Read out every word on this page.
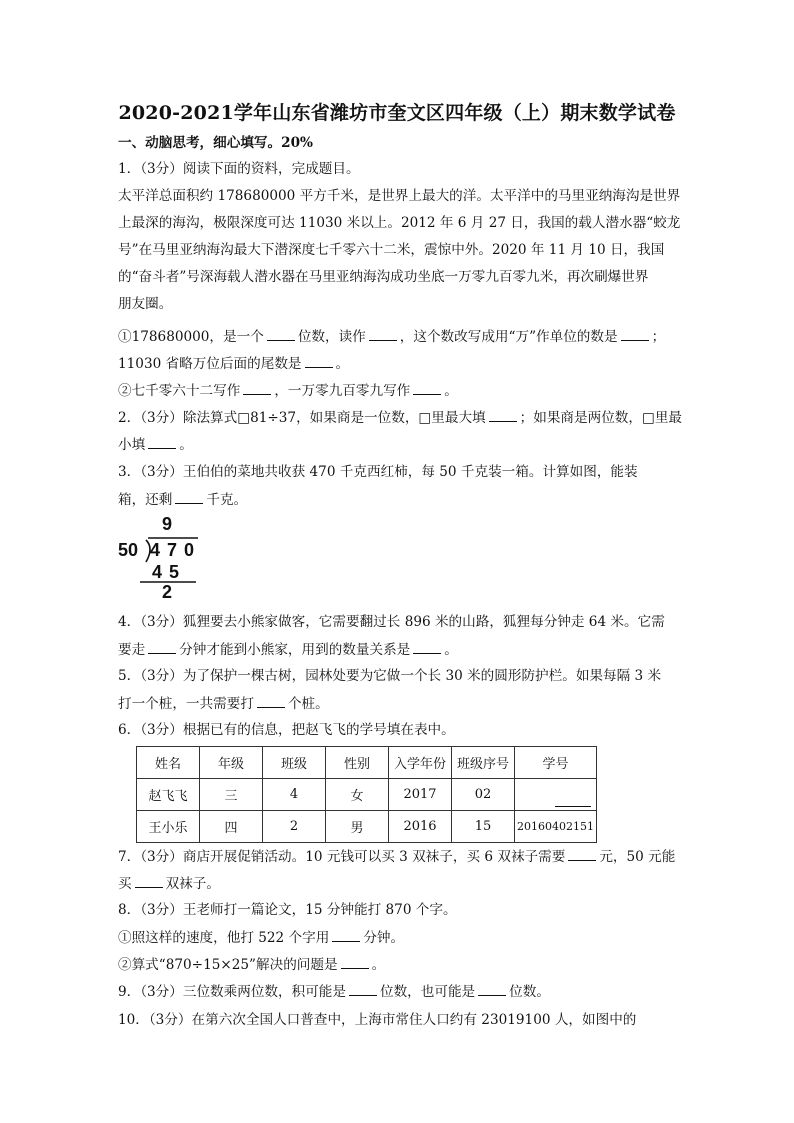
2020-2021学年山东省潍坊市奎文区四年级（上）期末数学试卷
一、动脑思考，细心填写。20%
1．（3分）阅读下面的资料，完成题目。
太平洋总面积约 178680000 平方千米，是世界上最大的洋。太平洋中的马里亚纳海沟是世界
上最深的海沟，极限深度可达 11030 米以上。2012 年 6 月 27 日，我国的载人潜水器“蛟龙
号”在马里亚纳海沟最大下潜深度七千零六十二米，震惊中外。2020 年 11 月 10 日，我国
的“奋斗者”号深海载人潜水器在马里亚纳海沟成功坐底一万零九百零九米，再次刷爆世界
朋友圈。
①178680000，是一个	位数，读作	，这个数改写成用“万”作单位的数是	；
11030 省略万位后面的尾数是	。
②七千零六十二写作	，一万零九百零九写作	。
2．（3分）除法算式□81÷37，如果商是一位数，□里最大填	；如果商是两位数，□里最
小填	。
3．（3分）王伯伯的菜地共收获 470 千克西红柿，每 50 千克装一箱。计算如图，能装
箱，还剩	千克。
9
50 4 7 0
4 5
2
4．（3分）狐狸要去小熊家做客，它需要翻过长 896 米的山路，狐狸每分钟走 64 米。它需
要走	分钟才能到小熊家，用到的数量关系是	。
5．（3分）为了保护一棵古树，园林处要为它做一个长 30 米的圆形防护栏。如果每隔 3 米
打一个桩，一共需要打	个桩。
6．（3分）根据已有的信息，把赵飞飞的学号填在表中。
姓名	年级	班级	性别	入学年份	班级序号	学号
赵飞飞	三	4	女	2017	02	

王小乐	四	2	男	2016	15	20160402151
7．（3分）商店开展促销活动。10 元钱可以买 3 双袜子，买 6 双袜子需要	元，50 元能
买	双袜子。
8．（3分）王老师打一篇论文，15 分钟能打 870 个字。
①照这样的速度，他打 522 个字用	分钟。
②算式“870÷15×25”解决的问题是	。
9．（3分）三位数乘两位数，积可能是	位数，也可能是	位数。
10．（3分）在第六次全国人口普查中，上海市常住人口约有 23019100 人，如图中的
